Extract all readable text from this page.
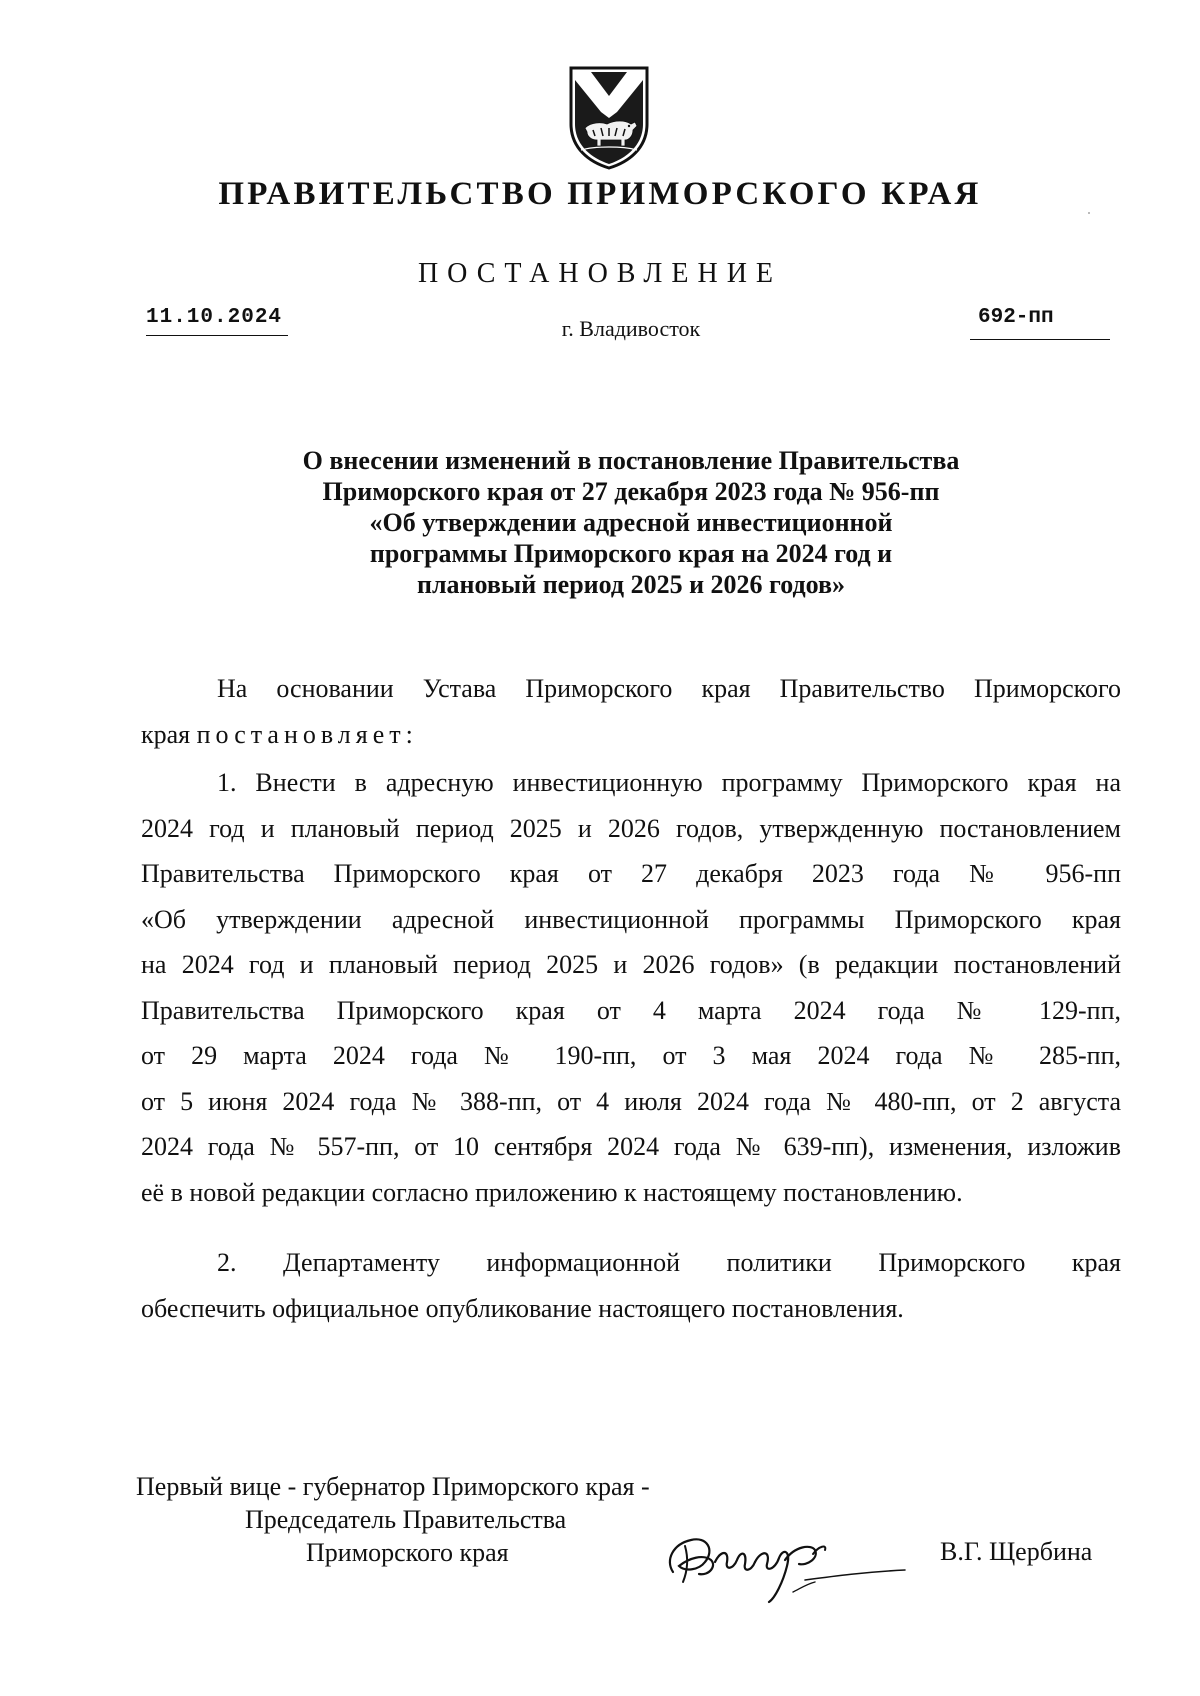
ПРАВИТЕЛЬСТВО ПРИМОРСКОГО КРАЯ
ПОСТАНОВЛЕНИЕ
11.10.2024	г. Владивосток	692-пп
О внесении изменений в постановление Правительства
Приморского края от 27 декабря 2023 года № 956-пп
«Об утверждении адресной инвестиционной
программы Приморского края на 2024 год и
плановый период 2025 и 2026 годов»
На основании Устава Приморского края Правительство Приморского
края постановляет:
1. Внести в адресную инвестиционную программу Приморского края на
2024 год и плановый период 2025 и 2026 годов, утвержденную постановлением
Правительства Приморского края от 27 декабря 2023 года № 956-пп
«Об утверждении адресной инвестиционной программы Приморского края
на 2024 год и плановый период 2025 и 2026 годов» (в редакции постановлений
Правительства Приморского края от 4 марта 2024 года № 129-пп,
от 29 марта 2024 года № 190-пп, от 3 мая 2024 года № 285-пп,
от 5 июня 2024 года № 388-пп, от 4 июля 2024 года № 480-пп, от 2 августа
2024 года № 557-пп, от 10 сентября 2024 года № 639-пп), изменения, изложив
её в новой редакции согласно приложению к настоящему постановлению.
2. Департаменту информационной политики Приморского края
обеспечить официальное опубликование настоящего постановления.
Первый вице - губернатор Приморского края -
Председатель Правительства
Приморского края	В.Г. Щербина
